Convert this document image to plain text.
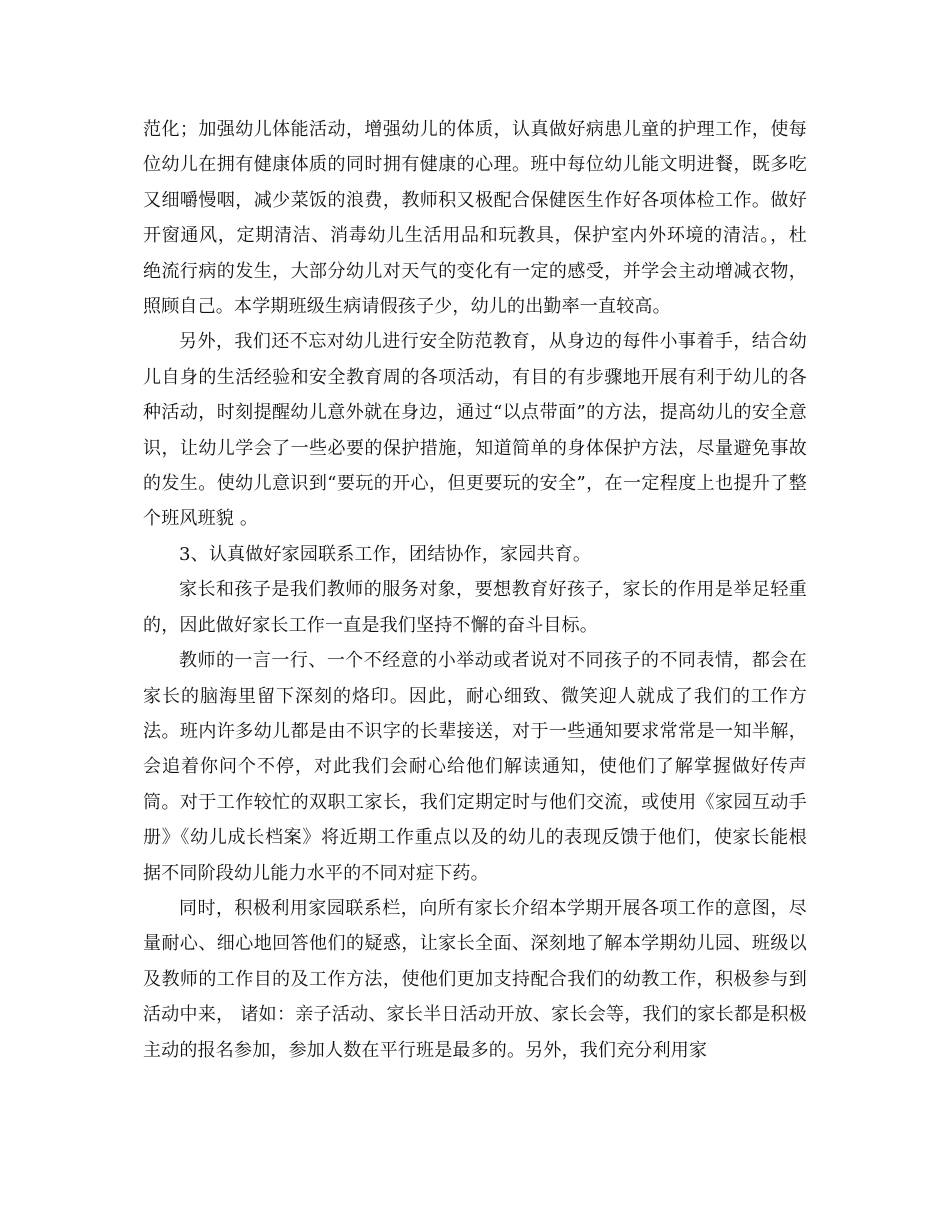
范化；加强幼儿体能活动，增强幼儿的体质，认真做好病患儿童的护理工作，使每位幼儿在拥有健康体质的同时拥有健康的心理。班中每位幼儿能文明进餐，既多吃又细嚼慢咽，减少菜饭的浪费，教师积又极配合保健医生作好各项体检工作。做好开窗通风，定期清洁、消毒幼儿生活用品和玩教具，保护室内外环境的清洁。，杜绝流行病的发生，大部分幼儿对天气的变化有一定的感受，并学会主动增减衣物，照顾自己。本学期班级生病请假孩子少，幼儿的出勤率一直较高。

另外，我们还不忘对幼儿进行安全防范教育，从身边的每件小事着手，结合幼儿自身的生活经验和安全教育周的各项活动，有目的有步骤地开展有利于幼儿的各种活动，时刻提醒幼儿意外就在身边，通过“以点带面”的方法，提高幼儿的安全意识，让幼儿学会了一些必要的保护措施，知道简单的身体保护方法，尽量避免事故的发生。使幼儿意识到“要玩的开心，但更要玩的安全”，在一定程度上也提升了整个班风班貌 。

3、认真做好家园联系工作，团结协作，家园共育。

家长和孩子是我们教师的服务对象，要想教育好孩子，家长的作用是举足轻重的，因此做好家长工作一直是我们坚持不懈的奋斗目标。

教师的一言一行、一个不经意的小举动或者说对不同孩子的不同表情，都会在家长的脑海里留下深刻的烙印。因此，耐心细致、微笑迎人就成了我们的工作方法。班内许多幼儿都是由不识字的长辈接送，对于一些通知要求常常是一知半解，会追着你问个不停，对此我们会耐心给他们解读通知，使他们了解掌握做好传声筒。对于工作较忙的双职工家长，我们定期定时与他们交流，或使用《家园互动手册》《幼儿成长档案》将近期工作重点以及的幼儿的表现反馈于他们，使家长能根据不同阶段幼儿能力水平的不同对症下药。

同时，积极利用家园联系栏，向所有家长介绍本学期开展各项工作的意图，尽量耐心、细心地回答他们的疑惑，让家长全面、深刻地了解本学期幼儿园、班级以及教师的工作目的及工作方法，使他们更加支持配合我们的幼教工作，积极参与到活动中来， 诸如：亲子活动、家长半日活动开放、家长会等，我们的家长都是积极主动的报名参加，参加人数在平行班是最多的。另外，我们充分利用家
